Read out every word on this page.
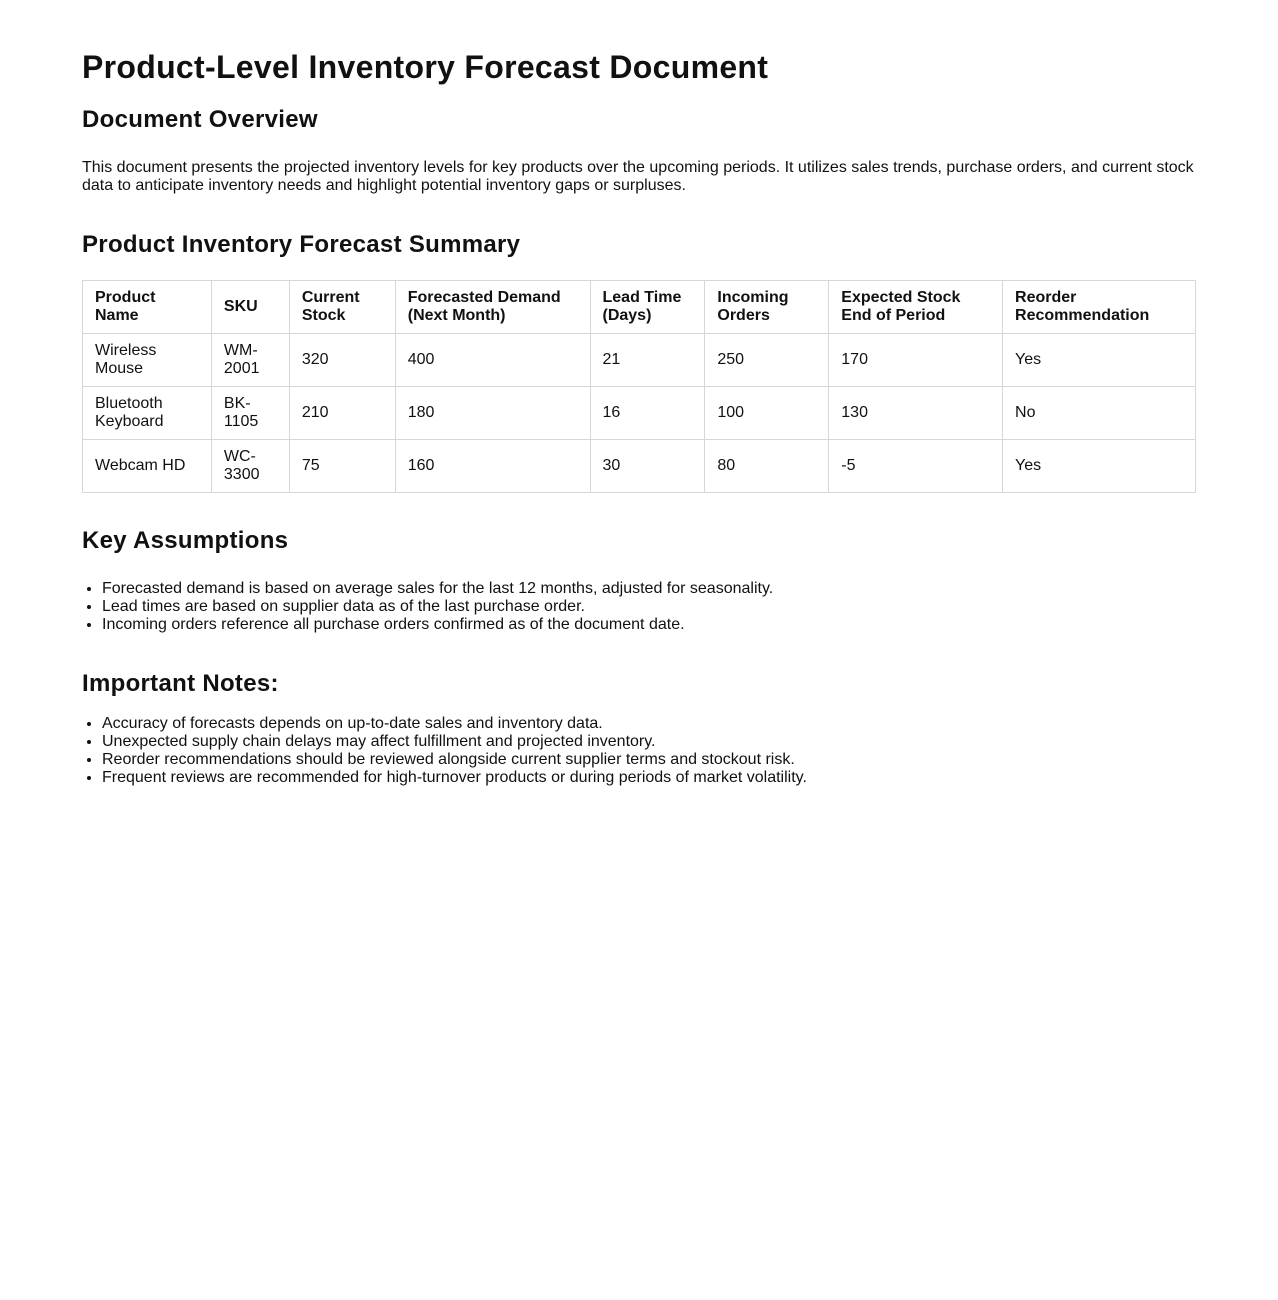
Product-Level Inventory Forecast Document
Document Overview

This document presents the projected inventory levels for key products over the upcoming periods. It utilizes sales trends, purchase orders, and current stock data to anticipate inventory needs and highlight potential inventory gaps or surpluses.

Product Inventory Forecast Summary
Product Name	SKU	Current Stock	Forecasted Demand (Next Month)	Lead Time (Days)	Incoming Orders	Expected Stock End of Period	Reorder Recommendation
Wireless Mouse	WM-2001	320	400	21	250	170	Yes
Bluetooth Keyboard	BK-1105	210	180	16	100	130	No
Webcam HD	WC-3300	75	160	30	80	-5	Yes
Key Assumptions
• Forecasted demand is based on average sales for the last 12 months, adjusted for seasonality.
• Lead times are based on supplier data as of the last purchase order.
• Incoming orders reference all purchase orders confirmed as of the document date.
Important Notes:
• Accuracy of forecasts depends on up-to-date sales and inventory data.
• Unexpected supply chain delays may affect fulfillment and projected inventory.
• Reorder recommendations should be reviewed alongside current supplier terms and stockout risk.
• Frequent reviews are recommended for high-turnover products or during periods of market volatility.
